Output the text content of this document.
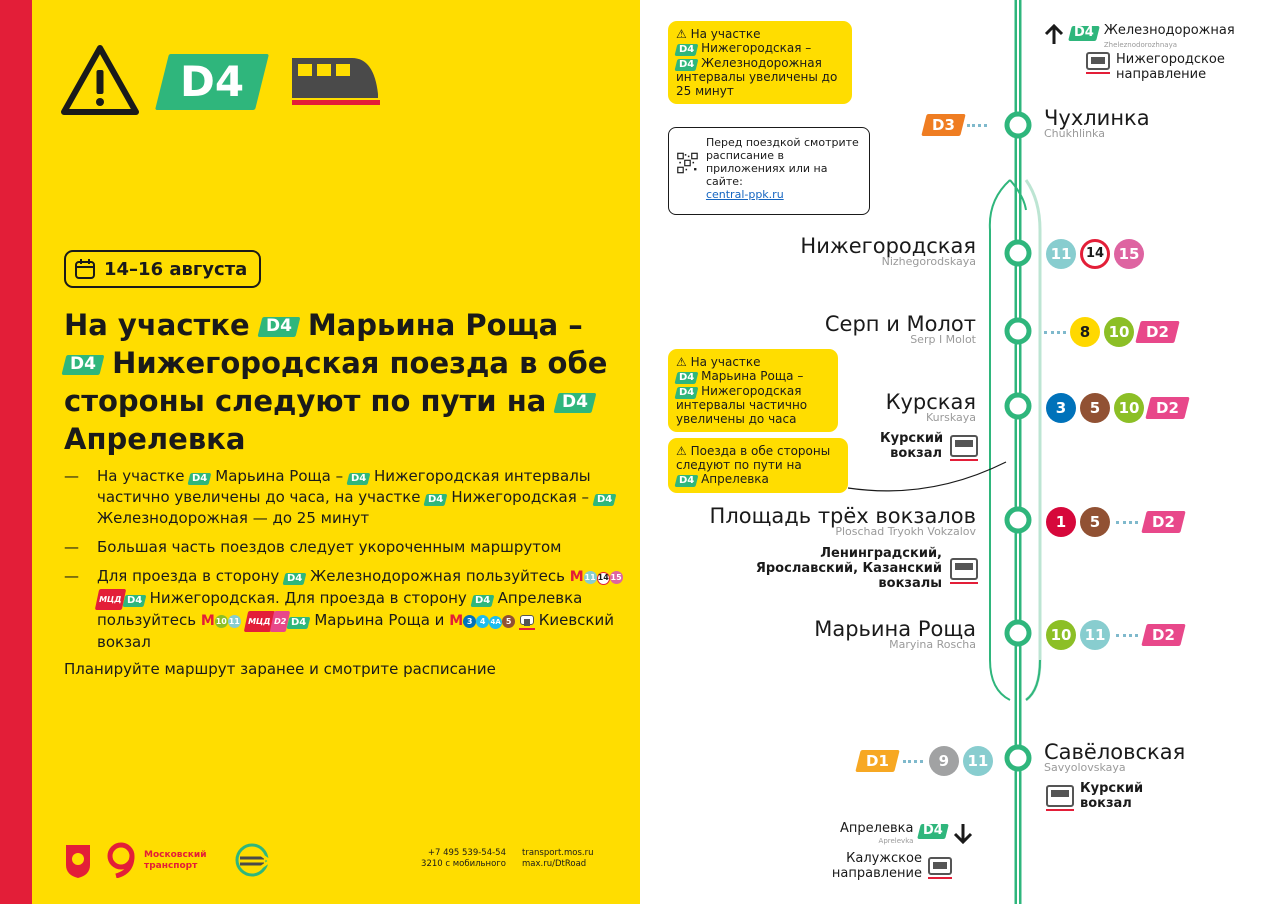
D4
14–16 августа
На участке D4 Марьина Роща – D4 Нижегородская поезда в обе стороны следуют по пути на D4 Апрелевка
— На участке D4 Марьина Роща – D4 Нижегородская интервалы частично увеличены до часа, на участке D4 Нижегородская – D4 Железнодорожная — до 25 минут
— Большая часть поездов следует укороченным маршрутом
— Для проезда в сторону D4 Железнодорожная пользуйтесь M11 14 15 МЦД D4 Нижегородская. Для проезда в сторону D4 Апрелевка пользуйтесь M10 11 МЦД D2 D4 Марьина Роща и M 3 4 4A 5 Киевский вокзал
Планируйте маршрут заранее и смотрите расписание
Московский транспорт
+7 495 539-54-54
3210 с мобильного
transport.mos.ru
max.ru/DtRoad
⚠ На участке
D4 Нижегородская –
D4 Железнодорожная интервалы увеличены до 25 минут
Перед поездкой смотрите расписание в приложениях или на сайте:
central-ppk.ru
D4 Железнодорожная
Zheleznodorozhnaya
Нижегородское направление
D3	Чухлинка
Chukhlinka
Нижегородская
Nizhegorodskaya	11	14 15
Серп и Молот
Serp I Molot	8	10	D2
⚠ На участке
D4 Марьина Роща –
D4 Нижегородская интервалы частично увеличены до часа
Курская
Kurskaya
3	5	10	D2
Курский вокзал
⚠ Поезда в обе стороны следуют по пути на
D4 Апрелевка
Площадь трёх вокзалов
Ploschad Tryokh Vokzalov
1	5	D2
Ленинградский, Ярославский, Казанский вокзалы
Марьина Роща
Maryina Roscha
10 11	D2
D1	9	11	Савёловская
Savyolovskaya
Курский вокзал
Апрелевка
Aprelevka
D4
Калужское направление
